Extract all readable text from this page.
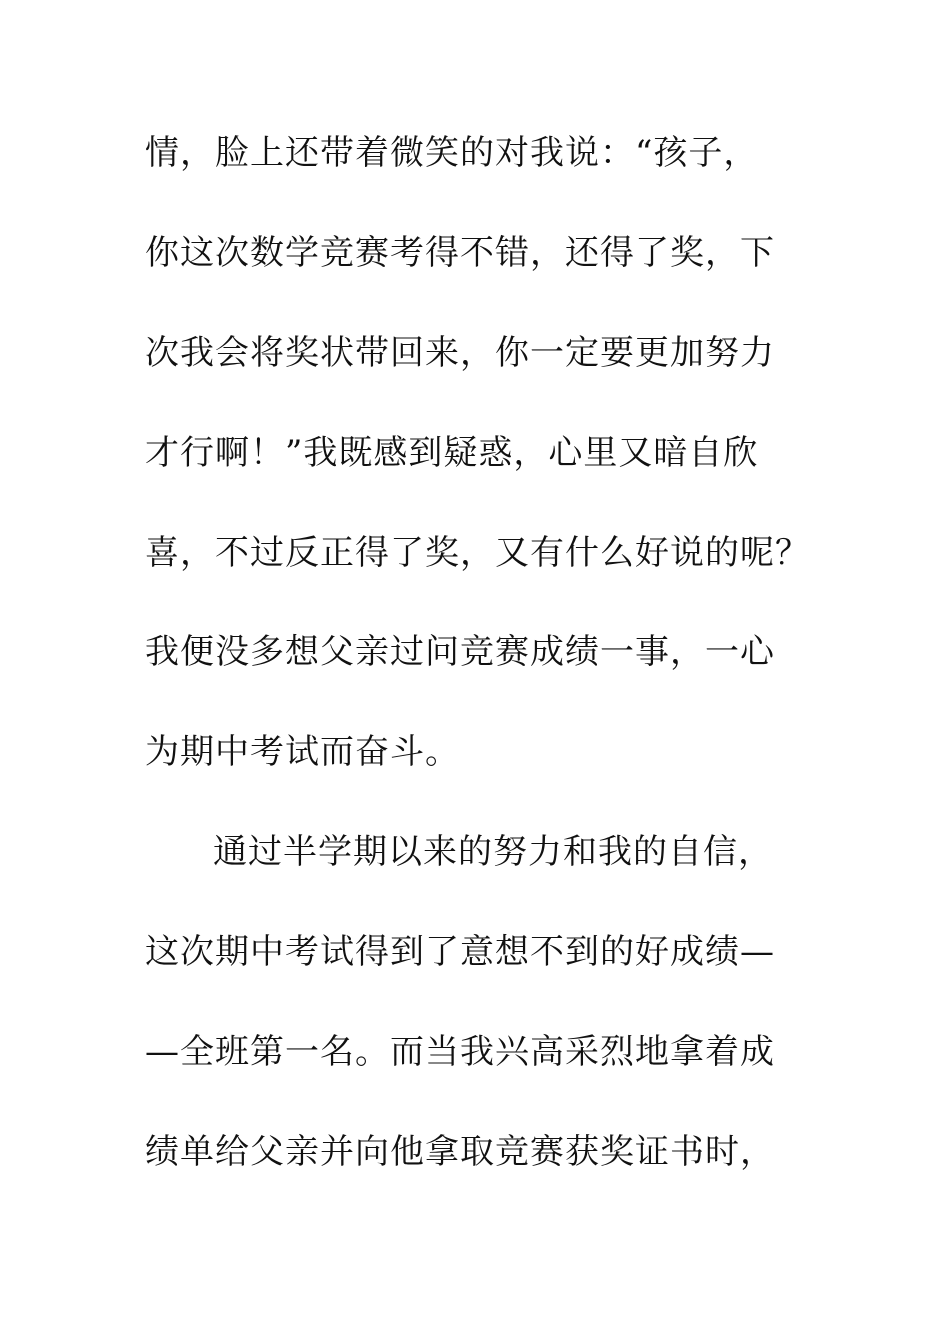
情，脸上还带着微笑的对我说：“孩子，
你这次数学竞赛考得不错，还得了奖，下
次我会将奖状带回来，你一定要更加努力
才行啊！”我既感到疑惑，心里又暗自欣
喜，不过反正得了奖，又有什么好说的呢？
我便没多想父亲过问竞赛成绩一事，一心
为期中考试而奋斗。
通过半学期以来的努力和我的自信，
这次期中考试得到了意想不到的好成绩—
—全班第一名。而当我兴高采烈地拿着成
绩单给父亲并向他拿取竞赛获奖证书时，
